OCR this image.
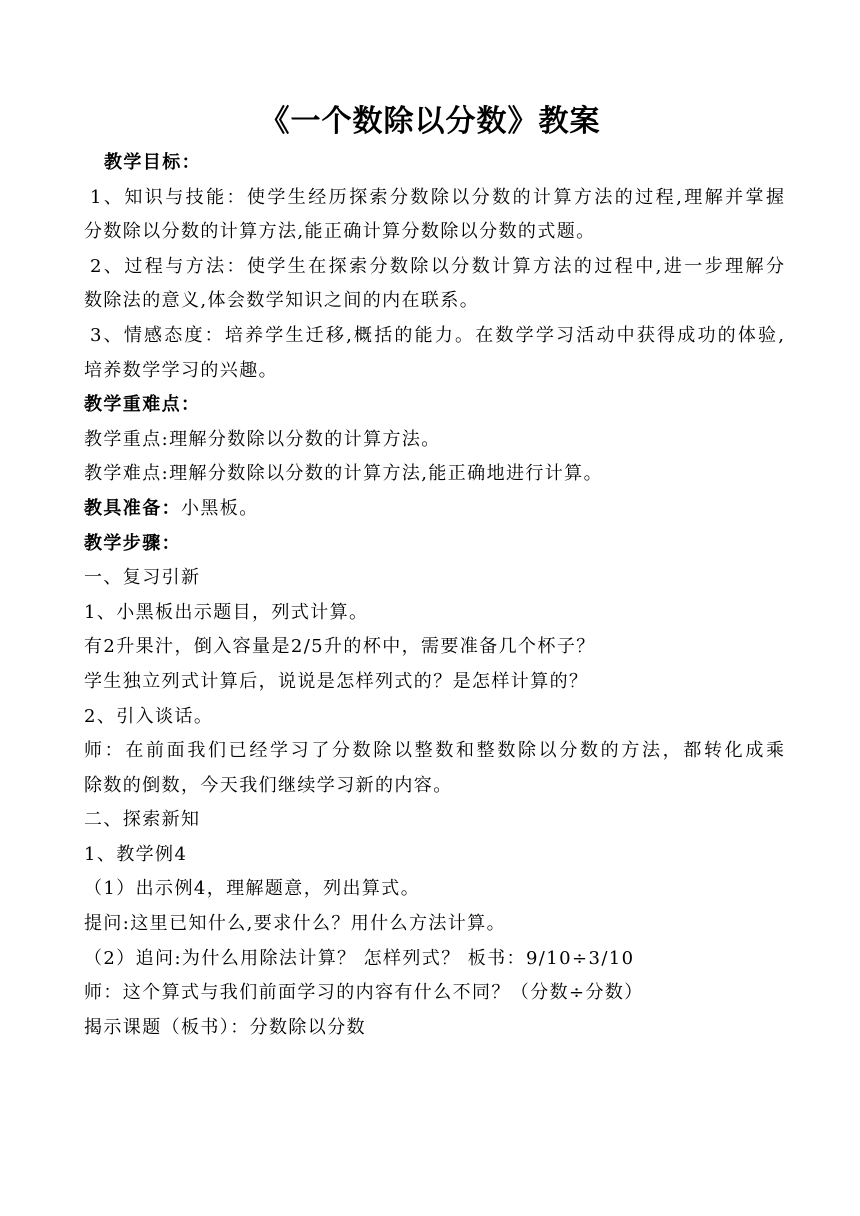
《一个数除以分数》教案
教学目标：
1、知识与技能：使学生经历探索分数除以分数的计算方法的过程,理解并掌握
分数除以分数的计算方法,能正确计算分数除以分数的式题。
2、过程与方法：使学生在探索分数除以分数计算方法的过程中,进一步理解分
数除法的意义,体会数学知识之间的内在联系。
3、情感态度：培养学生迁移,概括的能力。在数学学习活动中获得成功的体验,
培养数学学习的兴趣。
教学重难点：
教学重点:理解分数除以分数的计算方法。
教学难点:理解分数除以分数的计算方法,能正确地进行计算。
教具准备：小黑板。
教学步骤：
一、复习引新
1、小黑板出示题目，列式计算。
有2升果汁，倒入容量是2/5升的杯中，需要准备几个杯子？
学生独立列式计算后，说说是怎样列式的？是怎样计算的？
2、引入谈话。
师：在前面我们已经学习了分数除以整数和整数除以分数的方法，都转化成乘
除数的倒数，今天我们继续学习新的内容。
二、探索新知
1、教学例4
（1）出示例4，理解题意，列出算式。
提问:这里已知什么,要求什么？用什么方法计算。
（2）追问:为什么用除法计算？ 怎样列式？ 板书：9/10÷3/10
师：这个算式与我们前面学习的内容有什么不同？（分数÷分数）
揭示课题（板书）：分数除以分数
